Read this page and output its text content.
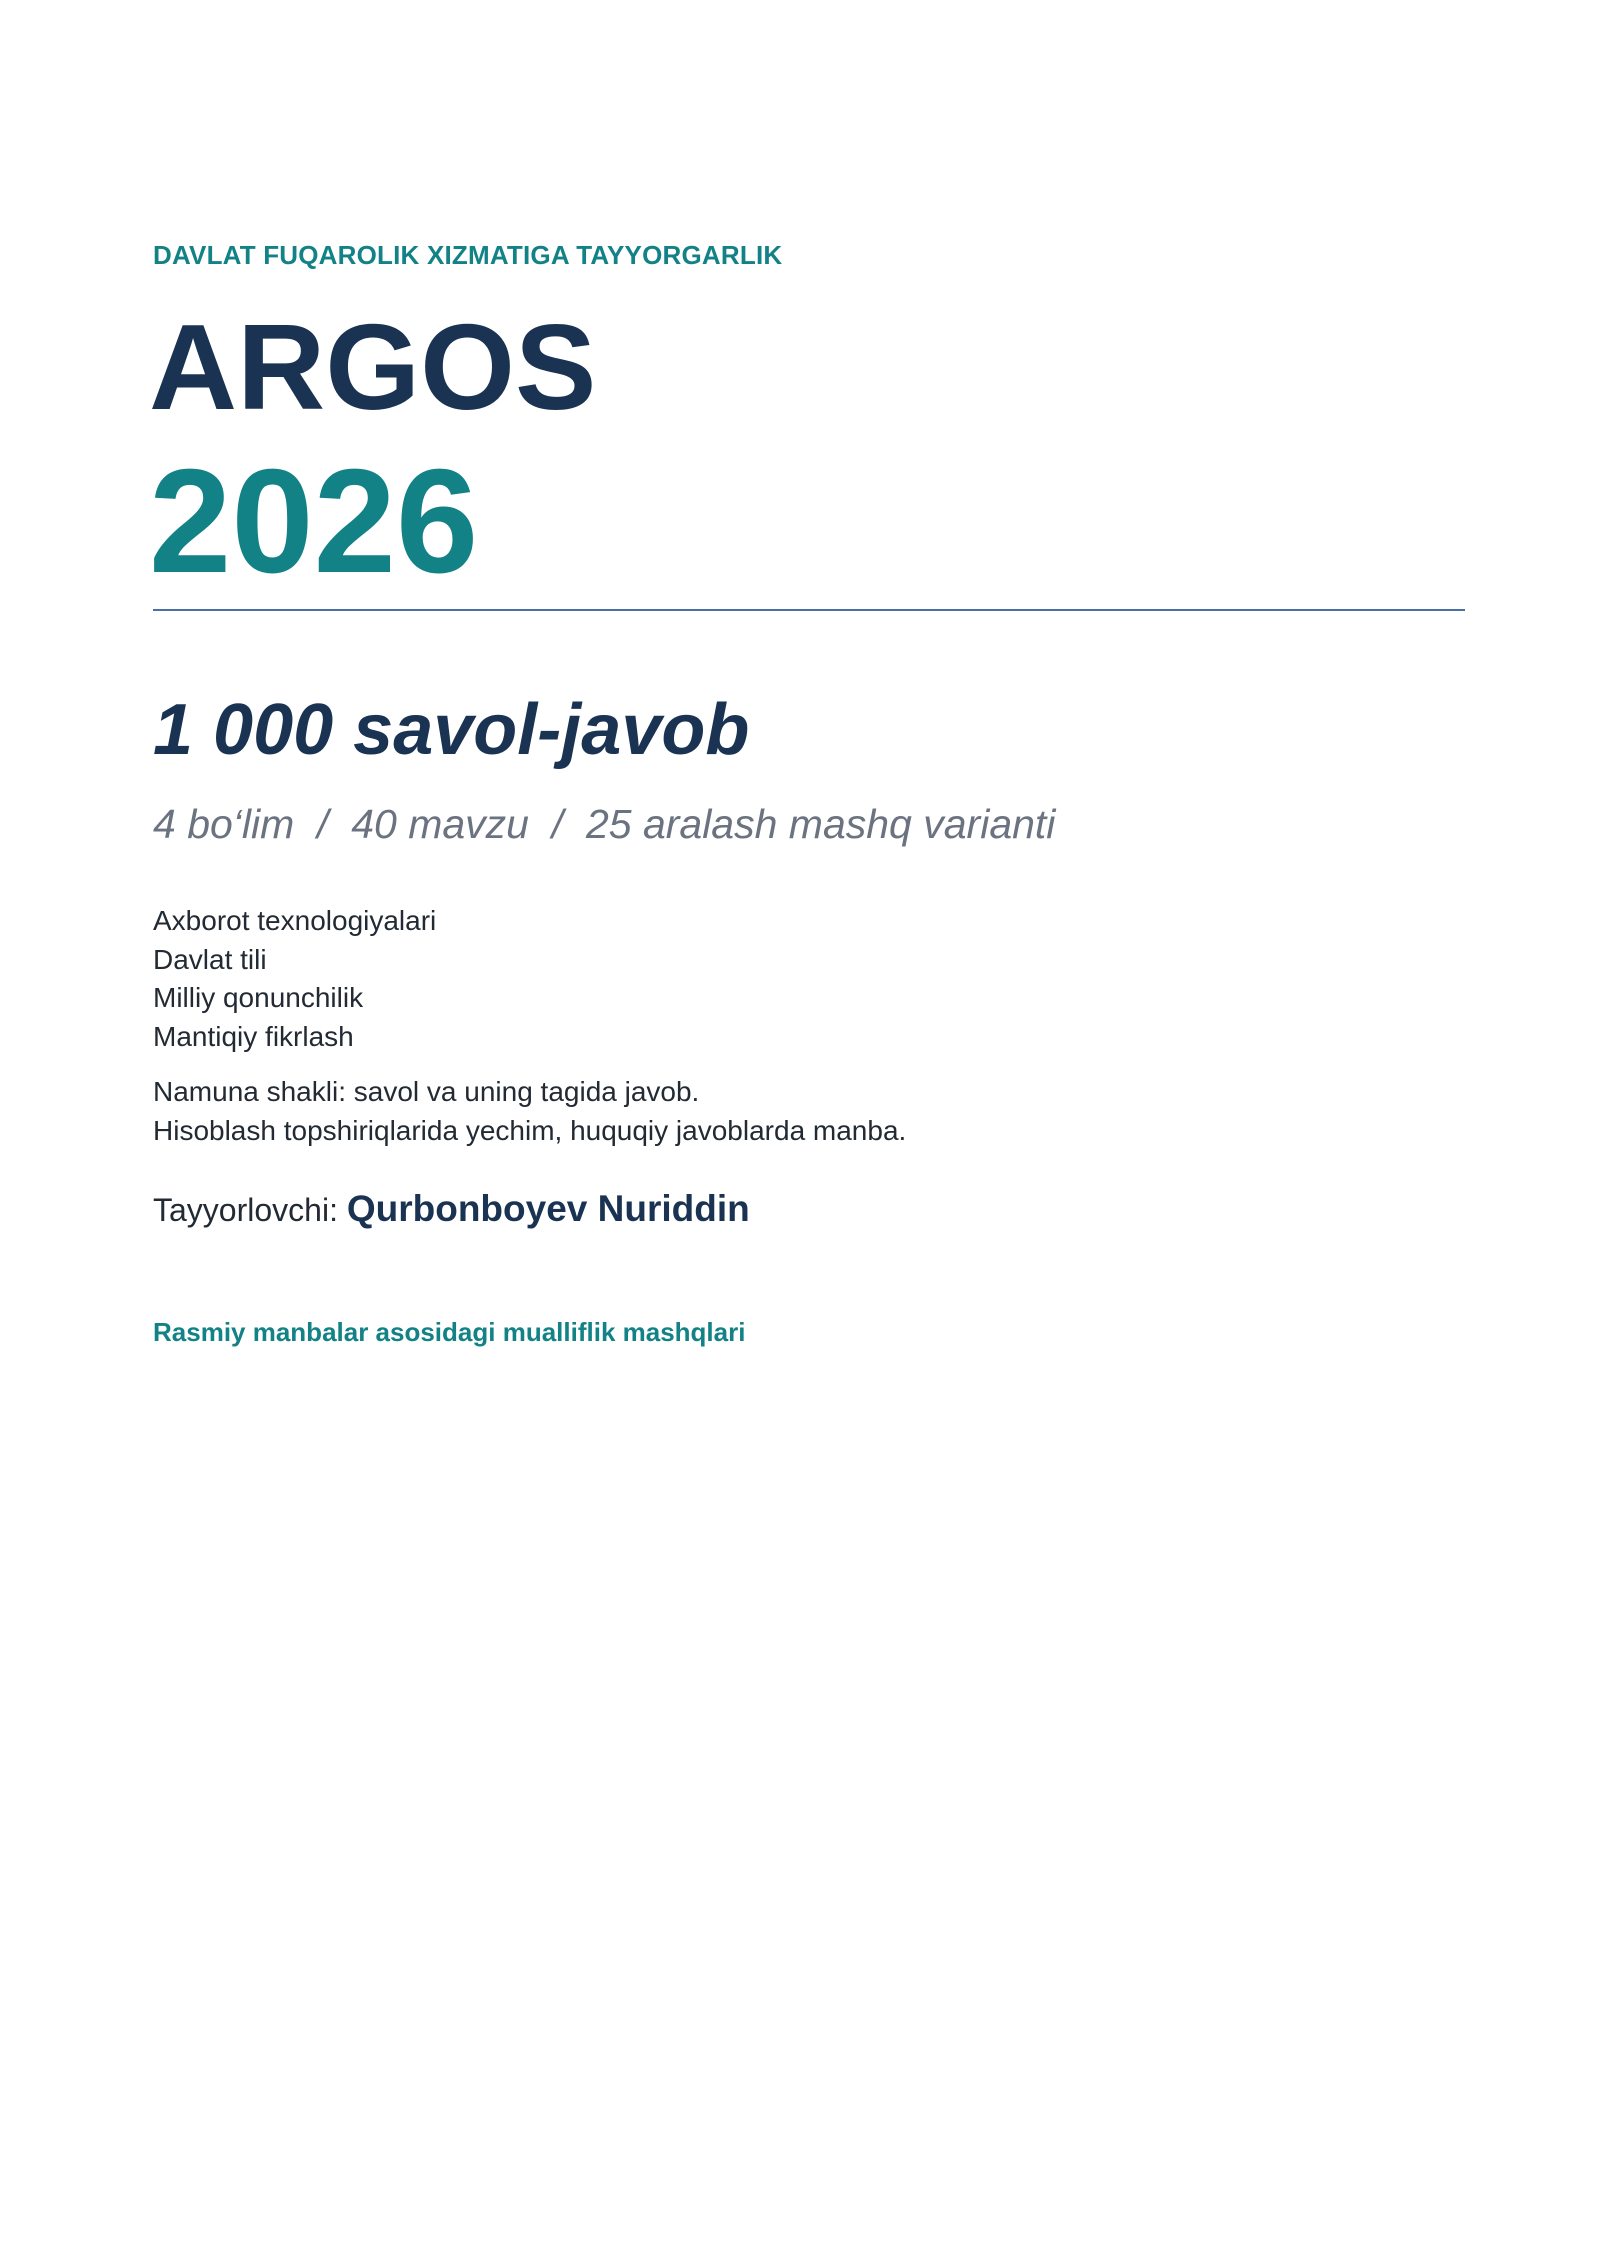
DAVLAT FUQAROLIK XIZMATIGA TAYYORGARLIK
ARGOS
2026
1 000 savol-javob
4 bo‘lim  /  40 mavzu  /  25 aralash mashq varianti
Axborot texnologiyalari
Davlat tili
Milliy qonunchilik
Mantiqiy fikrlash
Namuna shakli: savol va uning tagida javob.
Hisoblash topshiriqlarida yechim, huquqiy javoblarda manba.
Tayyorlovchi: Qurbonboyev Nuriddin
Rasmiy manbalar asosidagi mualliflik mashqlari
